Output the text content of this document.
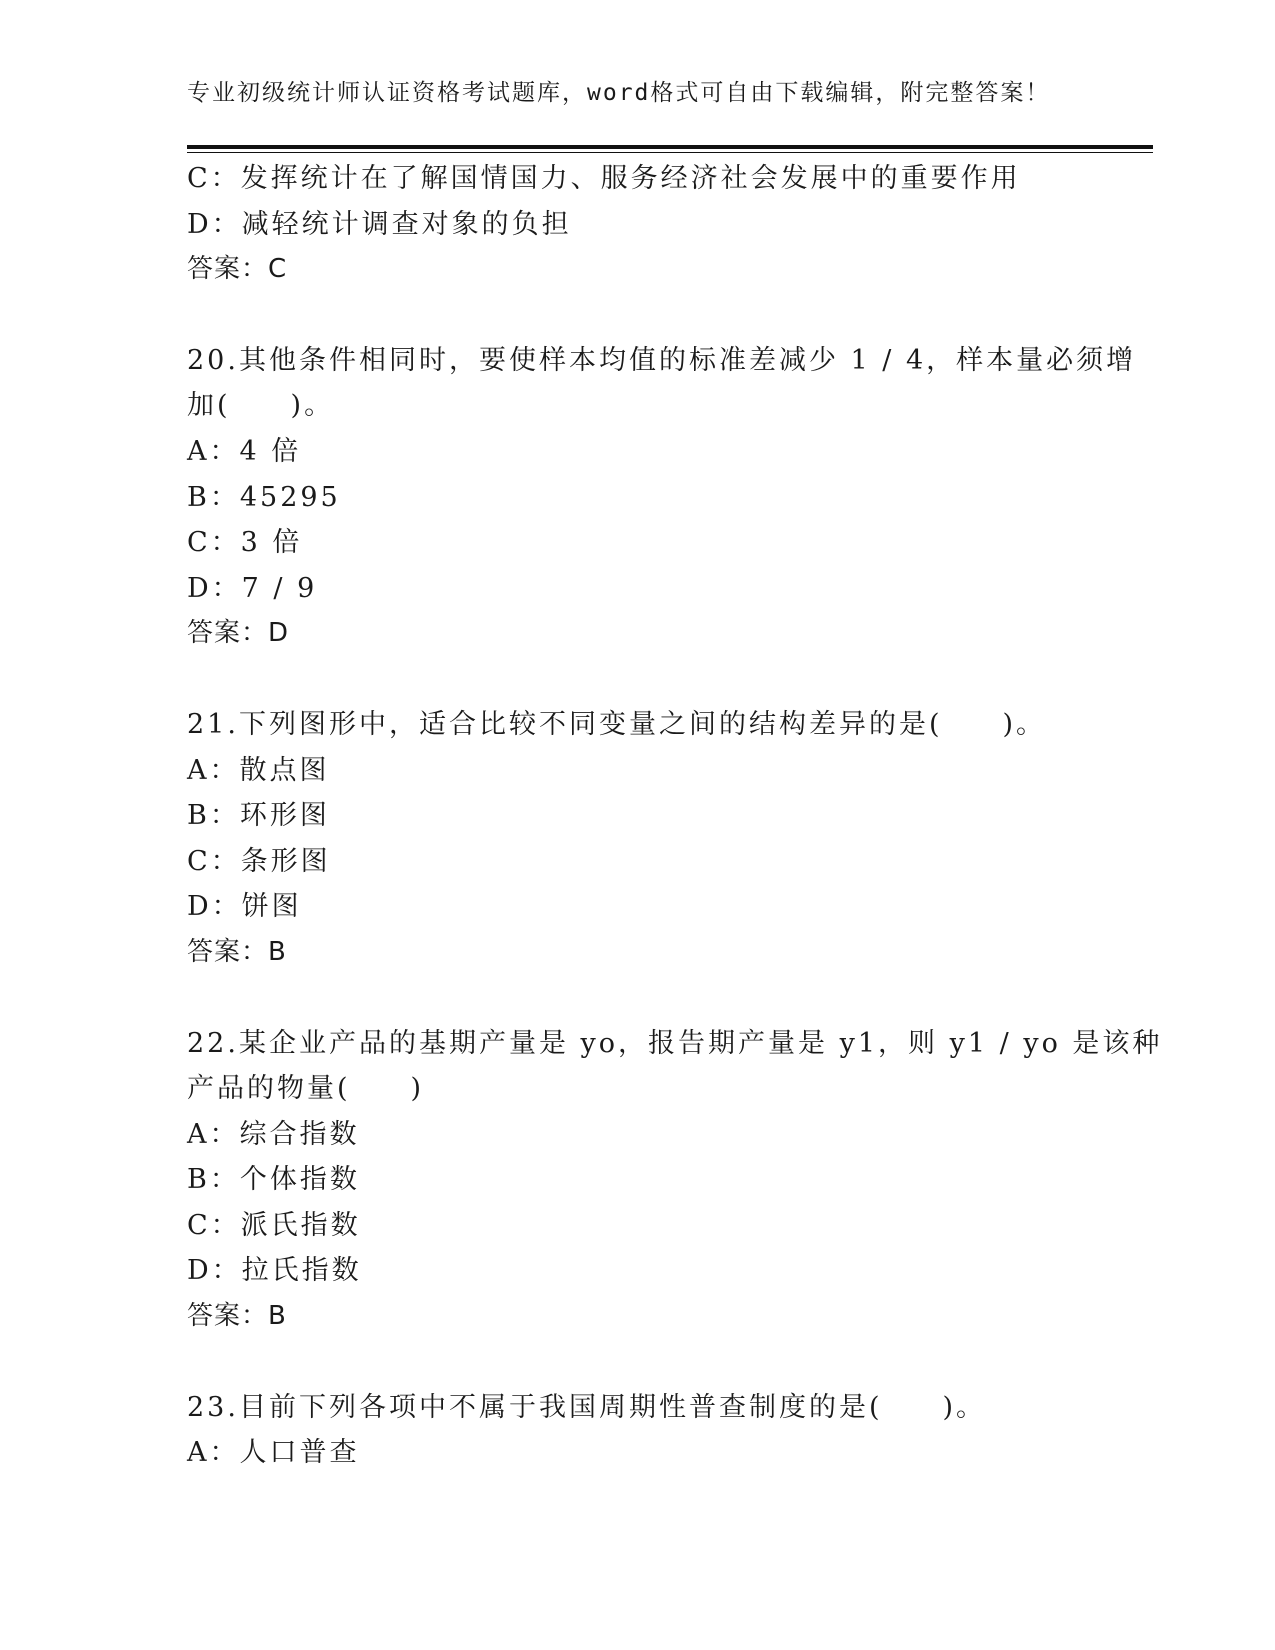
专业初级统计师认证资格考试题库，word格式可自由下载编辑，附完整答案！
C：发挥统计在了解国情国力、服务经济社会发展中的重要作用
D：减轻统计调查对象的负担
答案：C
20.其他条件相同时，要使样本均值的标准差减少 1 / 4，样本量必须增
加(　　)。
A：4 倍
B：45295
C：3 倍
D：7 / 9
答案：D
21.下列图形中，适合比较不同变量之间的结构差异的是(　　)。
A：散点图
B：环形图
C：条形图
D：饼图
答案：B
22.某企业产品的基期产量是 yo，报告期产量是 y1，则 y1 / yo 是该种
产品的物量(　　)
A：综合指数
B：个体指数
C：派氏指数
D：拉氏指数
答案：B
23.目前下列各项中不属于我国周期性普查制度的是(　　)。
A：人口普查
